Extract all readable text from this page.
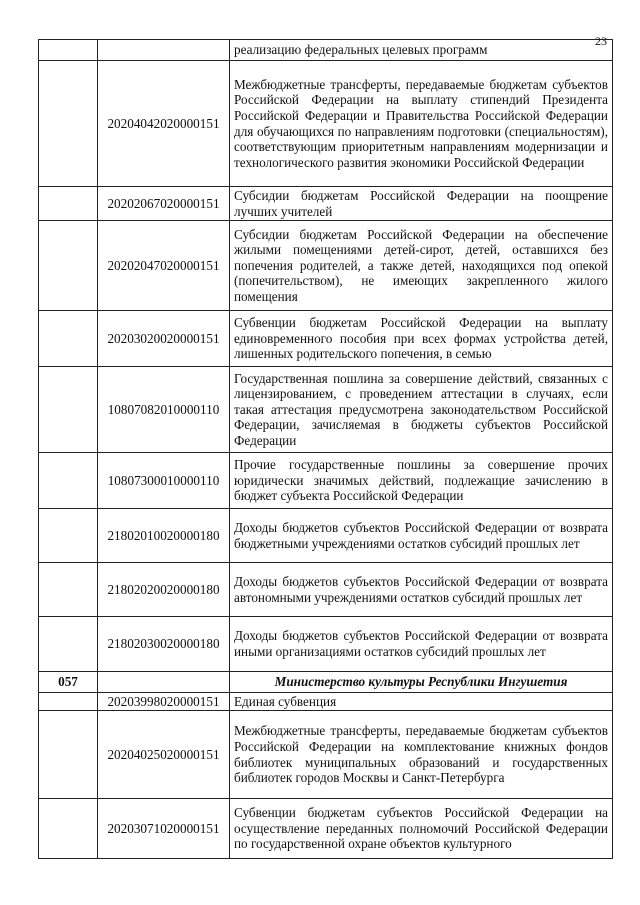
23
		реализацию федеральных целевых программ
	20204042020000151	Межбюджетные трансферты, передаваемые бюджетам субъектов Российской Федерации на выплату стипендий Президента Российской Федерации и Правительства Российской Федерации для обучающихся по направлениям подготовки (специальностям), соответствующим приоритетным направлениям модернизации и технологического развития экономики Российской Федерации
	20202067020000151	Субсидии бюджетам Российской Федерации на поощрение лучших учителей
	20202047020000151	Субсидии бюджетам Российской Федерации на обеспечение жилыми помещениями детей-сирот, детей, оставшихся без попечения родителей, а также детей, находящихся под опекой (попечительством), не имеющих закрепленного жилого помещения
	20203020020000151	Субвенции бюджетам Российской Федерации на выплату единовременного пособия при всех формах устройства детей, лишенных родительского попечения, в семью
	10807082010000110	Государственная пошлина за совершение действий, связанных с лицензированием, с проведением аттестации в случаях, если такая аттестация предусмотрена законодательством Российской Федерации, зачисляемая в бюджеты субъектов Российской Федерации
	10807300010000110	Прочие государственные пошлины за совершение прочих юридически значимых действий, подлежащие зачислению в бюджет субъекта Российской Федерации
	21802010020000180	Доходы бюджетов субъектов Российской Федерации от возврата бюджетными учреждениями остатков субсидий прошлых лет
	21802020020000180	Доходы бюджетов субъектов Российской Федерации от возврата автономными учреждениями остатков субсидий прошлых лет
	21802030020000180	Доходы бюджетов субъектов Российской Федерации от возврата иными организациями остатков субсидий прошлых лет
057		Министерство культуры Республики Ингушетия
	20203998020000151	Единая субвенция
	20204025020000151	Межбюджетные трансферты, передаваемые бюджетам субъектов Российской Федерации на комплектование книжных фондов библиотек муниципальных образований и государственных библиотек городов Москвы и Санкт-Петербурга
	20203071020000151	Субвенции бюджетам субъектов Российской Федерации на осуществление переданных полномочий Российской Федерации по государственной охране объектов культурного
